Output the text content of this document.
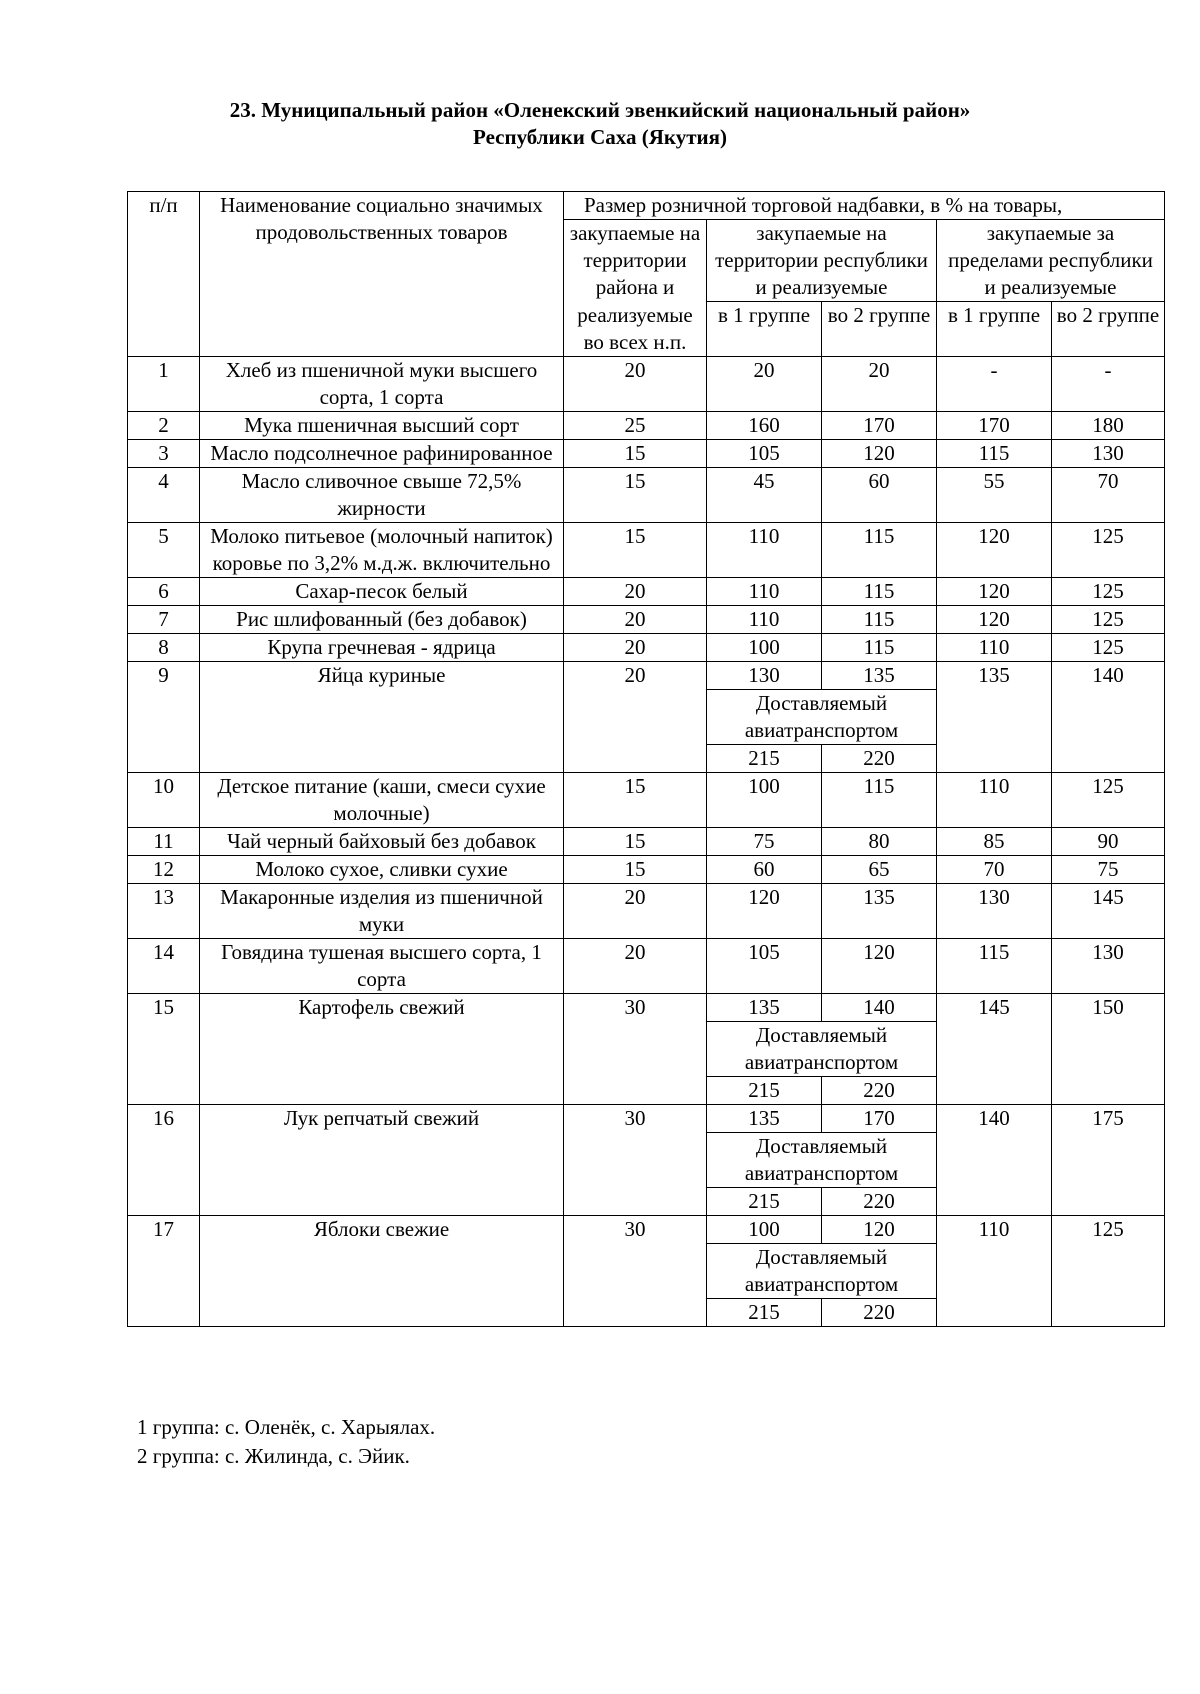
23. Муниципальный район «Оленекский эвенкийский национальный район»
Республики Саха (Якутия)
п/п	Наименование социально значимых продовольственных товаров	Размер розничной торговой надбавки, в % на товары,				
		закупаемые на территории района и	закупаемые на территории республики и реализуемые		закупаемые за пределами республики и реализуемые	
		реализуемые во всех н.п.	в 1 группе	во 2 группе	в 1 группе	во 2 группе
1	Хлеб из пшеничной муки высшего сорта, 1 сорта	20	20	20	-	-
2	Мука пшеничная высший сорт	25	160	170	170	180
3	Масло подсолнечное рафинированное	15	105	120	115	130
4	Масло сливочное свыше 72,5% жирности	15	45	60	55	70
5	Молоко питьевое (молочный напиток) коровье по 3,2% м.д.ж. включительно	15	110	115	120	125
6	Сахар-песок белый	20	110	115	120	125
7	Рис шлифованный (без добавок)	20	110	115	120	125
8	Крупа гречневая - ядрица	20	100	115	110	125
9	Яйца куриные	20	130	135	135	140
			Доставляемый авиатранспортом			
			215	220		
10	Детское питание (каши, смеси сухие молочные)	15	100	115	110	125
11	Чай черный байховый без добавок	15	75	80	85	90
12	Молоко сухое, сливки сухие	15	60	65	70	75
13	Макаронные изделия из пшеничной муки	20	120	135	130	145
14	Говядина тушеная высшего сорта, 1 сорта	20	105	120	115	130
15	Картофель свежий	30	135	140	145	150
			Доставляемый авиатранспортом			
			215	220		
16	Лук репчатый свежий	30	135	170	140	175
			Доставляемый авиатранспортом			
			215	220		
17	Яблоки свежие	30	100	120	110	125
			Доставляемый авиатранспортом			
			215	220		
1 группа: с. Оленёк, с. Харыялах.
2 группа: с. Жилинда, с. Эйик.
